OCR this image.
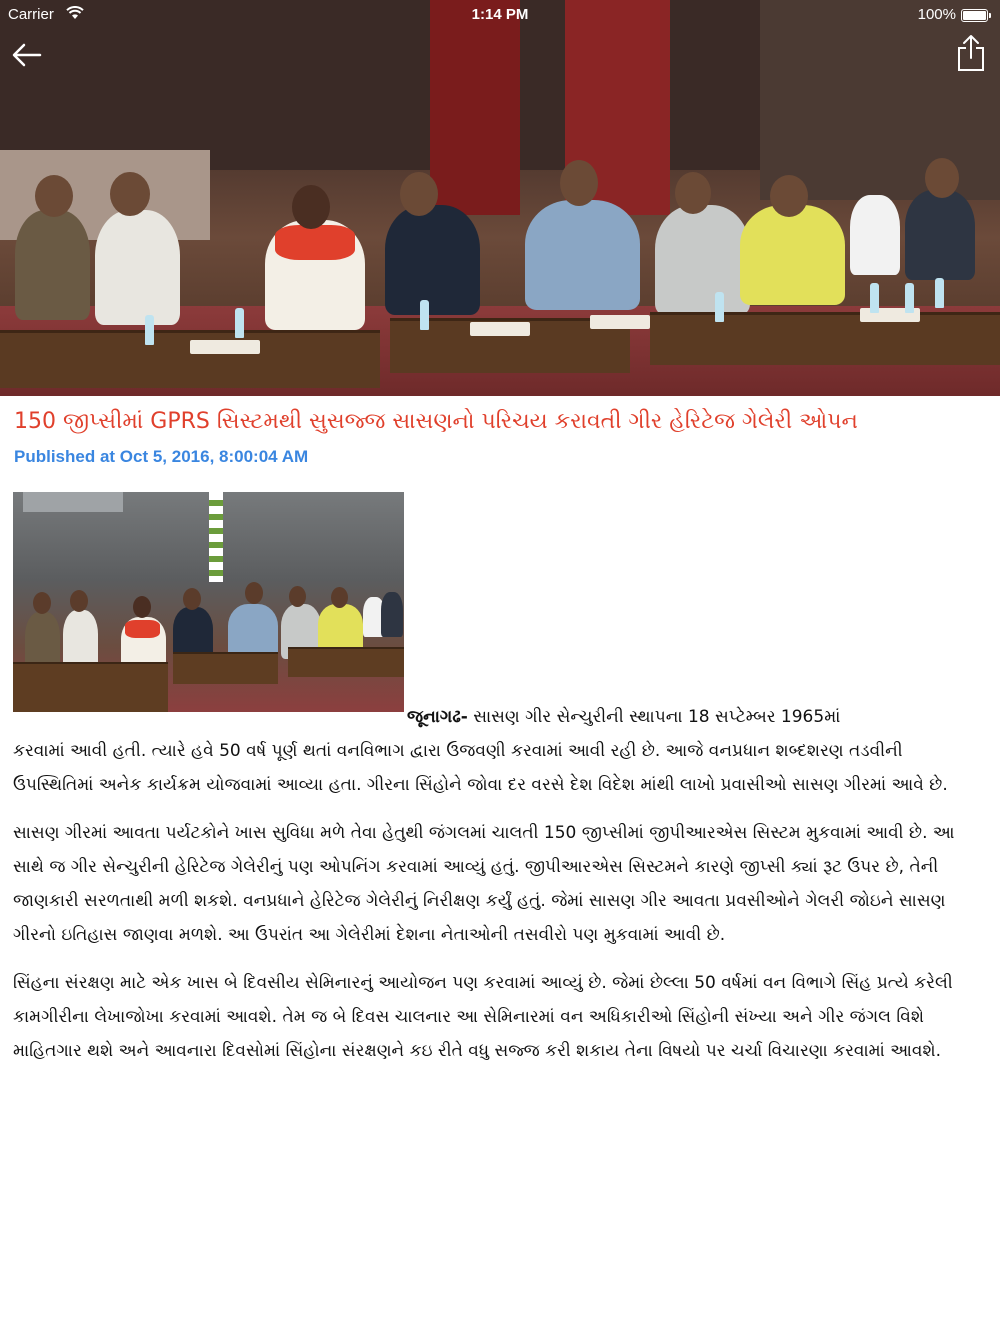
Carrier	1:14 PM	100%
150 જીપ્સીમાં GPRS સિસ્ટમથી સુસજ્જ સાસણનો પરિચય કરાવતી ગીર હેરિટેજ ગેલેરી ઓપન
Published at Oct 5, 2016, 8:00:04 AM

જૂનાગઢ- સાસણ ગીર સેન્ચુરીની સ્થાપના 18 સપ્ટેમ્બર 1965માં

કરવામાં આવી હતી. ત્યારે હવે 50 વર્ષ પૂર્ણ થતાં વનવિભાગ દ્વારા ઉજવણી કરવામાં આવી રહી છે. આજે વનપ્રધાન શબ્દશરણ તડવીની ઉપસ્થિતિમાં અનેક કાર્યક્રમ યોજવામાં આવ્યા હતા. ગીરના સિંહોને જોવા દર વરસે દેશ વિદેશ માંથી લાખો પ્રવાસીઓ સાસણ ગીરમાં આવે છે.

સાસણ ગીરમાં આવતા પર્યટકોને ખાસ સુવિધા મળે તેવા હેતુથી જંગલમાં ચાલતી 150 જીપ્સીમાં જીપીઆરએસ સિસ્ટમ મુકવામાં આવી છે. આ સાથે જ ગીર સેન્ચુરીની હેરિટેજ ગેલેરીનું પણ ઓપનિંગ કરવામાં આવ્યું હતું. જીપીઆરએસ સિસ્ટમને કારણે જીપ્સી ક્યાં રૂટ ઉપર છે, તેની જાણકારી સરળતાથી મળી શકશે. વનપ્રધાને હેરિટેજ ગેલેરીનું નિરીક્ષણ કર્યું હતું. જેમાં સાસણ ગીર આવતા પ્રવસીઓને ગેલરી જોઇને સાસણ ગીરનો ઇતિહાસ જાણવા મળશે. આ ઉપરાંત આ ગેલેરીમાં દેશના નેતાઓની તસવીરો પણ મુકવામાં આવી છે.

સિંહના સંરક્ષણ માટે એક ખાસ બે દિવસીય સેમિનારનું આયોજન પણ કરવામાં આવ્યું છે. જેમાં છેલ્લા 50 વર્ષમાં વન વિભાગે સિંહ પ્રત્યે કરેલી કામગીરીના લેખાજોખા કરવામાં આવશે. તેમ જ બે દિવસ ચાલનાર આ સેમિનારમાં વન અધિકારીઓ સિંહોની સંખ્યા અને ગીર જંગલ વિશે માહિતગાર થશે અને આવનારા દિવસોમાં સિંહોના સંરક્ષણને કઇ રીતે વધુ સજ્જ કરી શકાય તેના વિષયો પર ચર્ચા વિચારણા કરવામાં આવશે.
